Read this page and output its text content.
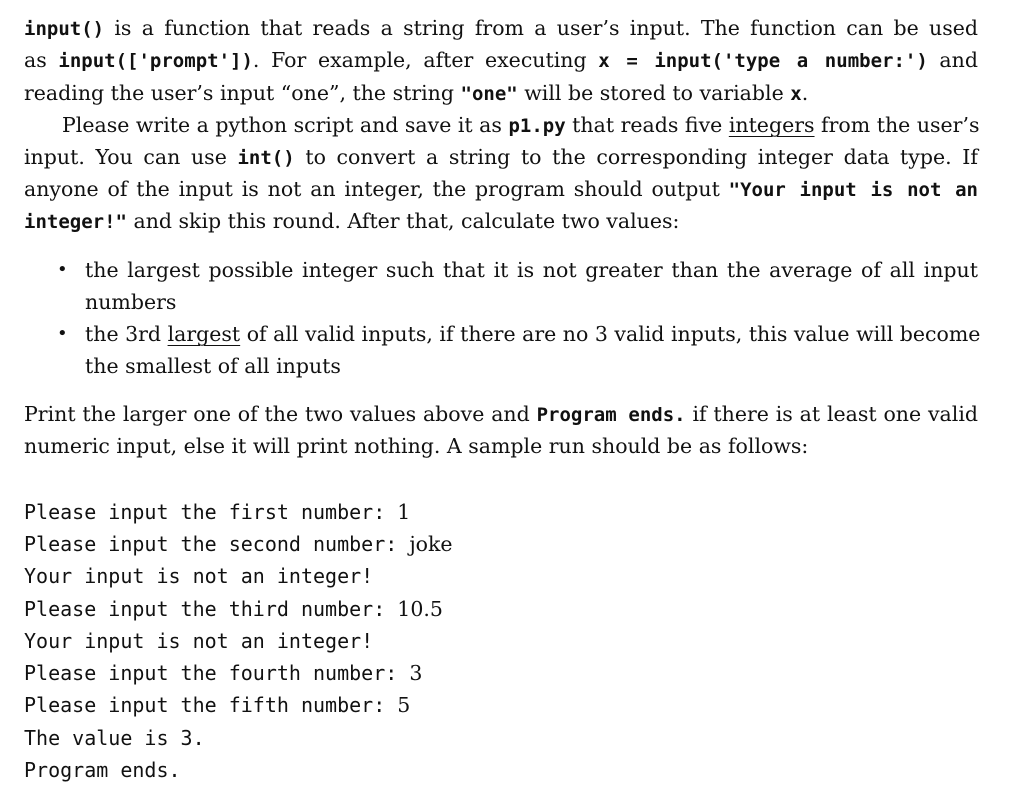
input() is a function that reads a string from a user’s input. The function can be used
as input(['prompt']). For example, after executing x = input('type a number:') and
reading the user’s input “one”, the string "one" will be stored to variable x.
Please write a python script and save it as p1.py that reads five integers from the user’s
input. You can use int() to convert a string to the corresponding integer data type. If
anyone of the input is not an integer, the program should output "Your input is not an
integer!" and skip this round. After that, calculate two values:
• the largest possible integer such that it is not greater than the average of all input
numbers
• the 3rd largest of all valid inputs, if there are no 3 valid inputs, this value will become
the smallest of all inputs
Print the larger one of the two values above and Program ends. if there is at least one valid
numeric input, else it will print nothing. A sample run should be as follows:
Please input the first number: 1
Please input the second number: joke
Your input is not an integer!
Please input the third number: 10.5
Your input is not an integer!
Please input the fourth number: 3
Please input the fifth number: 5
The value is 3.
Program ends.
